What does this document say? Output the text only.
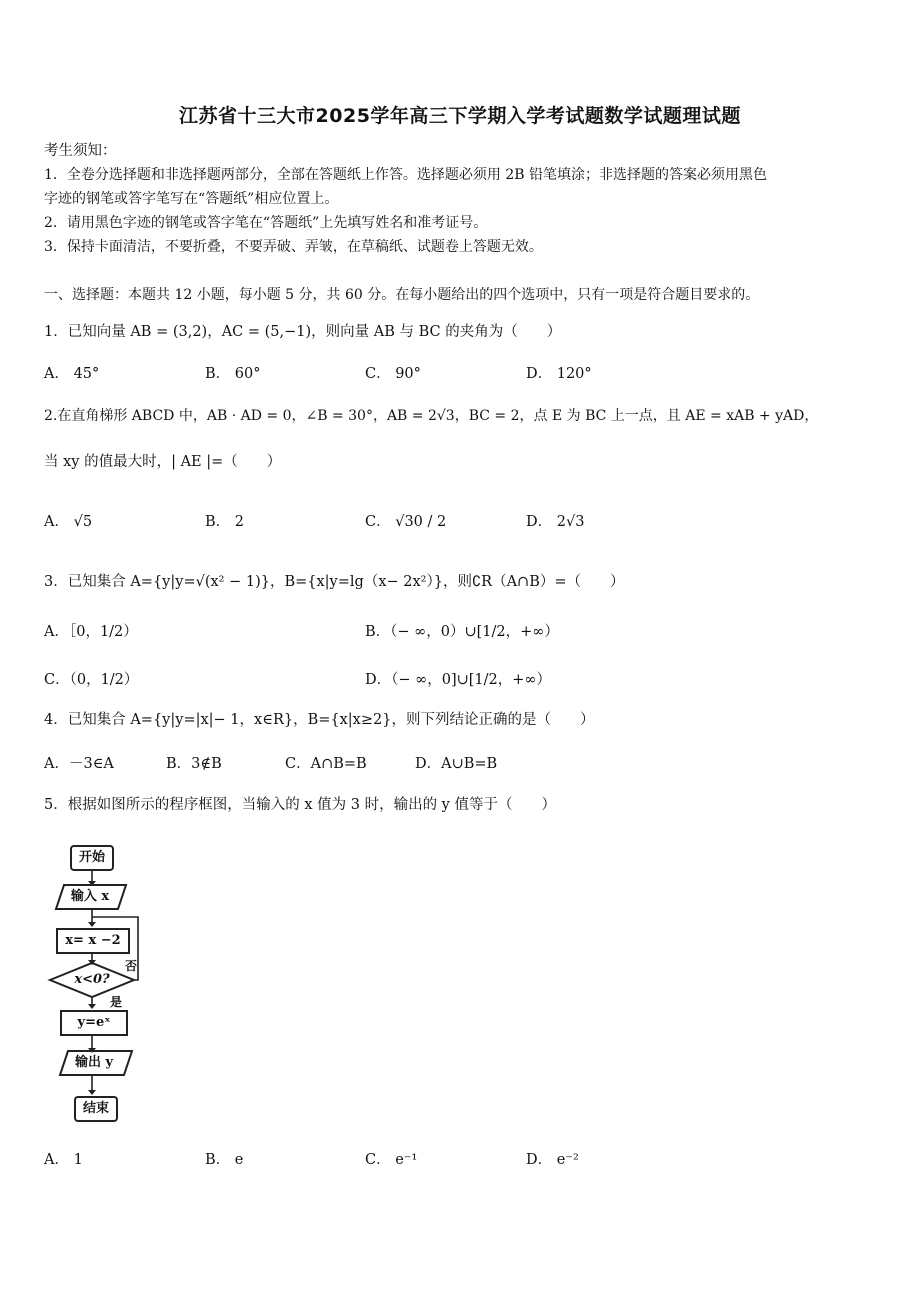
江苏省十三大市2025学年高三下学期入学考试题数学试题理试题
考生须知：
1．全卷分选择题和非选择题两部分，全部在答题纸上作答。选择题必须用 2B 铅笔填涂；非选择题的答案必须用黑色
字迹的钢笔或答字笔写在“答题纸”相应位置上。
2．请用黑色字迹的钢笔或答字笔在“答题纸”上先填写姓名和准考证号。
3．保持卡面清洁，不要折叠，不要弄破、弄皱，在草稿纸、试题卷上答题无效。
一、选择题：本题共 12 小题，每小题 5 分，共 60 分。在每小题给出的四个选项中，只有一项是符合题目要求的。
1．已知向量 AB = (3,2)，AC = (5,−1)，则向量 AB 与 BC 的夹角为（　　）
A． 45°	B． 60°	C． 90°	D． 120°
2.在直角梯形 ABCD 中，AB · AD = 0，∠B = 30°，AB = 2√3，BC = 2，点 E 为 BC 上一点，且 AE = xAB + yAD，
当 xy 的值最大时，| AE |=（　　）
A． √5	B． 2	C． √30 / 2	D． 2√3
3．已知集合 A={y|y=√(x² − 1)}，B={x|y=lg（x− 2x²）}，则∁R（A∩B）=（　　）
A．［0，1/2）	B．（− ∞，0）∪[1/2，+∞）
C．（0，1/2）	D．（− ∞，0]∪[1/2，+∞）
4．已知集合 A={y|y=|x|− 1，x∈R}，B={x|x≥2}，则下列结论正确的是（　　）
A．－3∈A	B．3∉B	C．A∩B=B	D．A∪B=B
5．根据如图所示的程序框图，当输入的 x 值为 3 时，输出的 y 值等于（　　）
开始
输入 x
x= x −2
x<0?
否
是
y=eˣ
输出 y
结束
A． 1	B． e	C． e⁻¹	D． e⁻²
